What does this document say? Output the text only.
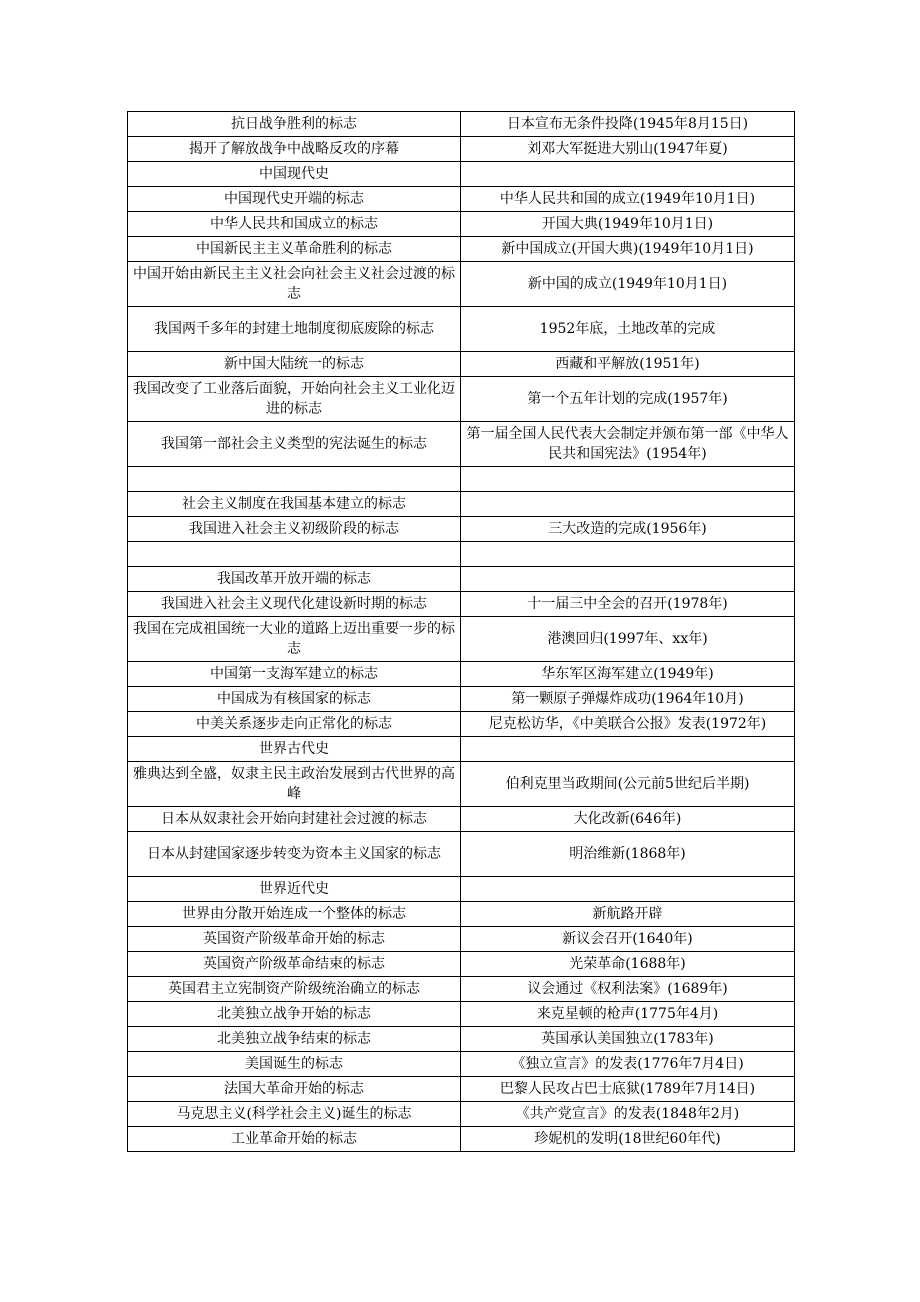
抗日战争胜利的标志	日本宣布无条件投降(1945年8月15日)
揭开了解放战争中战略反攻的序幕	刘邓大军挺进大别山(1947年夏)
中国现代史	
中国现代史开端的标志	中华人民共和国的成立(1949年10月1日)
中华人民共和国成立的标志	开国大典(1949年10月1日)
中国新民主主义革命胜利的标志	新中国成立(开国大典)(1949年10月1日)
中国开始由新民主主义社会向社会主义社会过渡的标志	新中国的成立(1949年10月1日)
我国两千多年的封建土地制度彻底废除的标志	1952年底，土地改革的完成
新中国大陆统一的标志	西藏和平解放(1951年)
我国改变了工业落后面貌，开始向社会主义工业化迈进的标志	第一个五年计划的完成(1957年)
我国第一部社会主义类型的宪法诞生的标志	第一届全国人民代表大会制定并颁布第一部《中华人民共和国宪法》(1954年)

社会主义制度在我国基本建立的标志	
我国进入社会主义初级阶段的标志	三大改造的完成(1956年)

我国改革开放开端的标志	
我国进入社会主义现代化建设新时期的标志	十一届三中全会的召开(1978年)
我国在完成祖国统一大业的道路上迈出重要一步的标志	港澳回归(1997年、xx年)
中国第一支海军建立的标志	华东军区海军建立(1949年)
中国成为有核国家的标志	第一颗原子弹爆炸成功(1964年10月)
中美关系逐步走向正常化的标志	尼克松访华，《中美联合公报》发表(1972年)
世界古代史	
雅典达到全盛，奴隶主民主政治发展到古代世界的高峰	伯利克里当政期间(公元前5世纪后半期)
日本从奴隶社会开始向封建社会过渡的标志	大化改新(646年)
日本从封建国家逐步转变为资本主义国家的标志	明治维新(1868年)
世界近代史	
世界由分散开始连成一个整体的标志	新航路开辟
英国资产阶级革命开始的标志	新议会召开(1640年)
英国资产阶级革命结束的标志	光荣革命(1688年)
英国君主立宪制资产阶级统治确立的标志	议会通过《权利法案》(1689年)
北美独立战争开始的标志	来克星顿的枪声(1775年4月)
北美独立战争结束的标志	英国承认美国独立(1783年)
美国诞生的标志	《独立宣言》的发表(1776年7月4日)
法国大革命开始的标志	巴黎人民攻占巴士底狱(1789年7月14日)
马克思主义(科学社会主义)诞生的标志	《共产党宣言》的发表(1848年2月)
工业革命开始的标志	珍妮机的发明(18世纪60年代)
